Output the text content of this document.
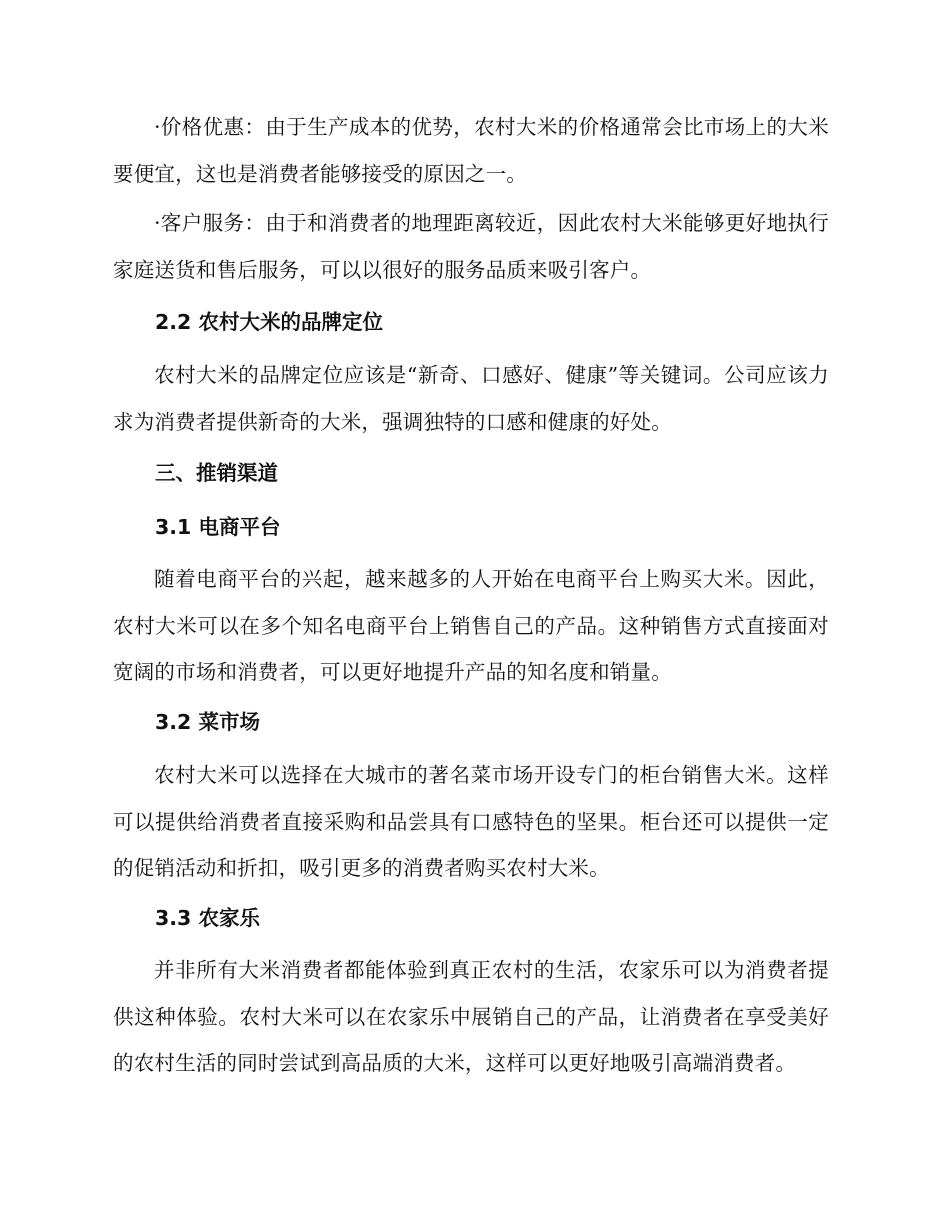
·价格优惠：由于生产成本的优势，农村大米的价格通常会比市场上的大米要便宜，这也是消费者能够接受的原因之一。

·客户服务：由于和消费者的地理距离较近，因此农村大米能够更好地执行家庭送货和售后服务，可以以很好的服务品质来吸引客户。

2.2 农村大米的品牌定位

农村大米的品牌定位应该是“新奇、口感好、健康”等关键词。公司应该力求为消费者提供新奇的大米，强调独特的口感和健康的好处。

三、推销渠道
3.1 电商平台

随着电商平台的兴起，越来越多的人开始在电商平台上购买大米。因此，农村大米可以在多个知名电商平台上销售自己的产品。这种销售方式直接面对宽阔的市场和消费者，可以更好地提升产品的知名度和销量。

3.2 菜市场

农村大米可以选择在大城市的著名菜市场开设专门的柜台销售大米。这样可以提供给消费者直接采购和品尝具有口感特色的坚果。柜台还可以提供一定的促销活动和折扣，吸引更多的消费者购买农村大米。

3.3 农家乐

并非所有大米消费者都能体验到真正农村的生活，农家乐可以为消费者提供这种体验。农村大米可以在农家乐中展销自己的产品，让消费者在享受美好的农村生活的同时尝试到高品质的大米，这样可以更好地吸引高端消费者。
